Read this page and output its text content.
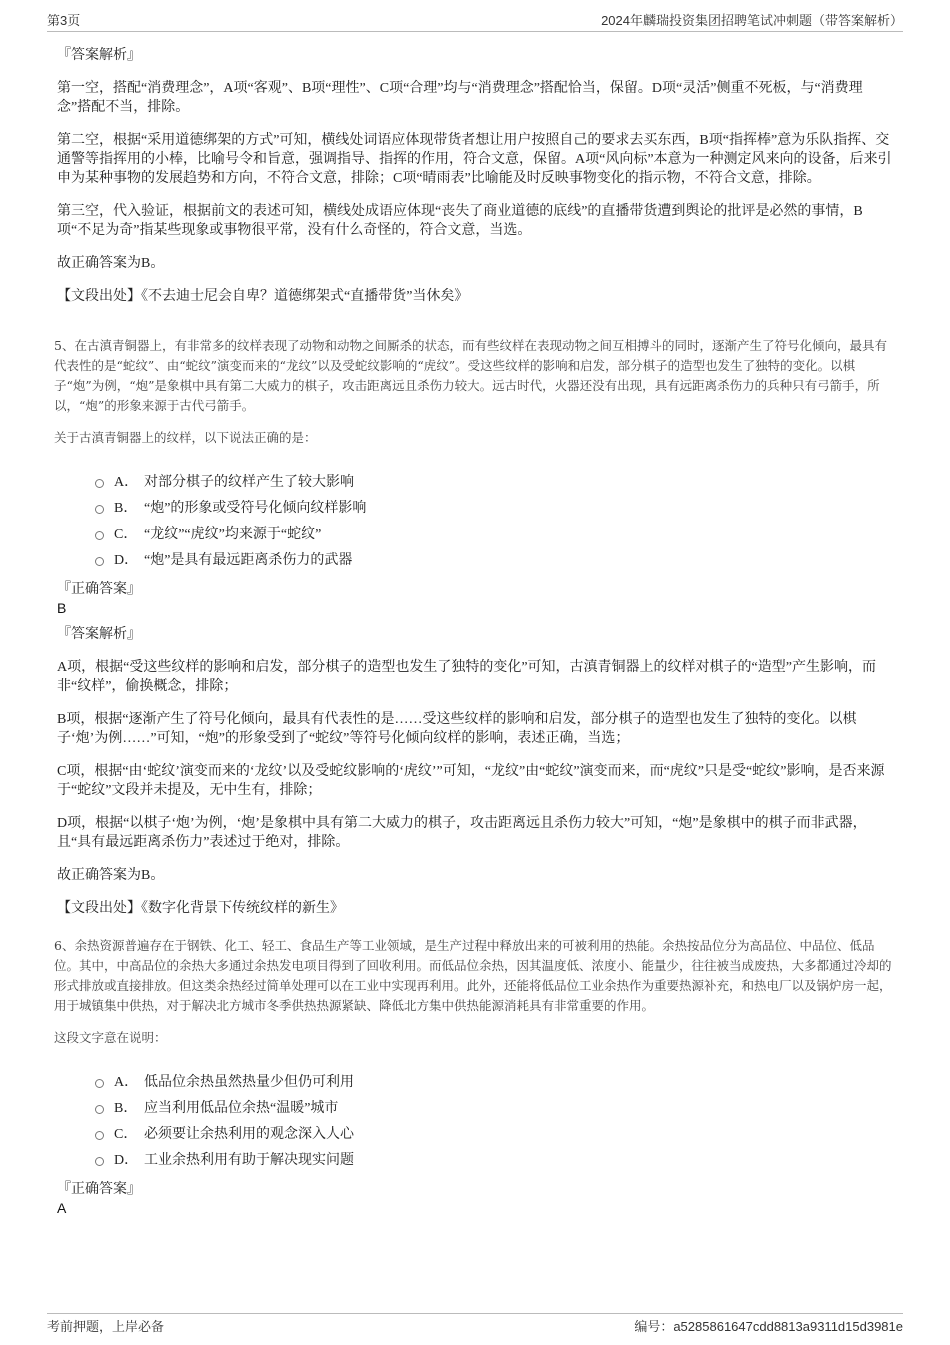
第3页	2024年麟瑞投资集团招聘笔试冲刺题（带答案解析）

『答案解析』

第一空，搭配“消费理念”，A项“客观”、B项“理性”、C项“合理”均与“消费理念”搭配恰当，保留。D项“灵活”侧重不死板，与“消费理念”搭配不当，排除。

第二空，根据“采用道德绑架的方式”可知，横线处词语应体现带货者想让用户按照自己的要求去买东西，B项“指挥棒”意为乐队指挥、交通警等指挥用的小棒，比喻号令和旨意，强调指导、指挥的作用，符合文意，保留。A项“风向标”本意为一种测定风来向的设备，后来引申为某种事物的发展趋势和方向，不符合文意，排除；C项“晴雨表”比喻能及时反映事物变化的指示物，不符合文意，排除。

第三空，代入验证，根据前文的表述可知，横线处成语应体现“丧失了商业道德的底线”的直播带货遭到舆论的批评是必然的事情，B项“不足为奇”指某些现象或事物很平常，没有什么奇怪的，符合文意，当选。

故正确答案为B。

【文段出处】《不去迪士尼会自卑？道德绑架式“直播带货”当休矣》

5、在古滇青铜器上，有非常多的纹样表现了动物和动物之间厮杀的状态，而有些纹样在表现动物之间互相搏斗的同时，逐渐产生了符号化倾向，最具有代表性的是“蛇纹”、由“蛇纹”演变而来的“龙纹”以及受蛇纹影响的“虎纹”。受这些纹样的影响和启发，部分棋子的造型也发生了独特的变化。以棋子“炮”为例，“炮”是象棋中具有第二大威力的棋子，攻击距离远且杀伤力较大。远古时代，火器还没有出现，具有远距离杀伤力的兵种只有弓箭手，所以，“炮”的形象来源于古代弓箭手。
关于古滇青铜器上的纹样，以下说法正确的是：
A． 对部分棋子的纹样产生了较大影响
B． “炮”的形象或受符号化倾向纹样影响
C． “龙纹”“虎纹”均来源于“蛇纹”
D． “炮”是具有最远距离杀伤力的武器

『正确答案』

B

『答案解析』

A项，根据“受这些纹样的影响和启发，部分棋子的造型也发生了独特的变化”可知，古滇青铜器上的纹样对棋子的“造型”产生影响，而非“纹样”，偷换概念，排除；

B项，根据“逐渐产生了符号化倾向，最具有代表性的是……受这些纹样的影响和启发，部分棋子的造型也发生了独特的变化。以棋子‘炮’为例……”可知，“炮”的形象受到了“蛇纹”等符号化倾向纹样的影响，表述正确，当选；

C项，根据“由‘蛇纹’演变而来的‘龙纹’以及受蛇纹影响的‘虎纹’”可知，“龙纹”由“蛇纹”演变而来，而“虎纹”只是受“蛇纹”影响，是否来源于“蛇纹”文段并未提及，无中生有，排除；

D项，根据“以棋子‘炮’为例，‘炮’是象棋中具有第二大威力的棋子，攻击距离远且杀伤力较大”可知，“炮”是象棋中的棋子而非武器，且“具有最远距离杀伤力”表述过于绝对，排除。

故正确答案为B。

【文段出处】《数字化背景下传统纹样的新生》

6、余热资源普遍存在于钢铁、化工、轻工、食品生产等工业领域，是生产过程中释放出来的可被利用的热能。余热按品位分为高品位、中品位、低品位。其中，中高品位的余热大多通过余热发电项目得到了回收利用。而低品位余热，因其温度低、浓度小、能量少，往往被当成废热，大多都通过冷却的形式排放或直接排放。但这类余热经过简单处理可以在工业中实现再利用。此外，还能将低品位工业余热作为重要热源补充，和热电厂以及锅炉房一起，用于城镇集中供热，对于解决北方城市冬季供热热源紧缺、降低北方集中供热能源消耗具有非常重要的作用。
这段文字意在说明：
A． 低品位余热虽然热量少但仍可利用
B． 应当利用低品位余热“温暖”城市
C． 必须要让余热利用的观念深入人心
D． 工业余热利用有助于解决现实问题

『正确答案』

A

考前押题，上岸必备	编号：a5285861647cdd8813a9311d15d3981e
